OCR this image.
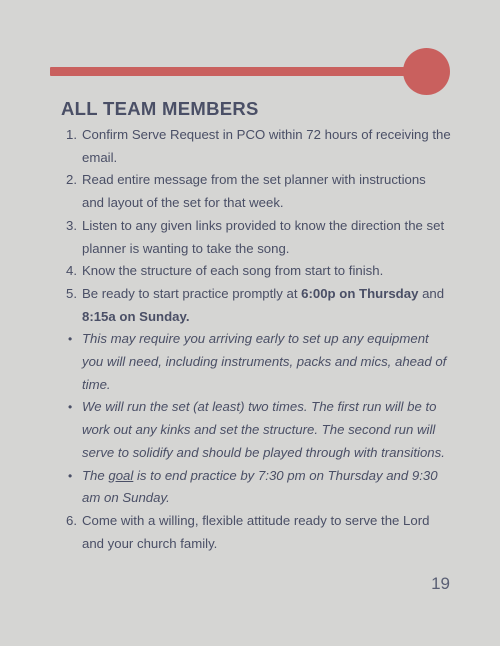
ALL TEAM MEMBERS
1. Confirm Serve Request in PCO within 72 hours of receiving the email.
2. Read entire message from the set planner with instructions and layout of the set for that week.
3. Listen to any given links provided to know the direction the set planner is wanting to take the song.
4. Know the structure of each song from start to finish.
5. Be ready to start practice promptly at 6:00p on Thursday and 8:15a on Sunday.
• This may require you arriving early to set up any equipment you will need, including instruments, packs and mics, ahead of time.
• We will run the set (at least) two times. The first run will be to work out any kinks and set the structure. The second run will serve to solidify and should be played through with transitions.
• The goal is to end practice by 7:30 pm on Thursday and 9:30 am on Sunday.
6. Come with a willing, flexible attitude ready to serve the Lord and your church family.
19
